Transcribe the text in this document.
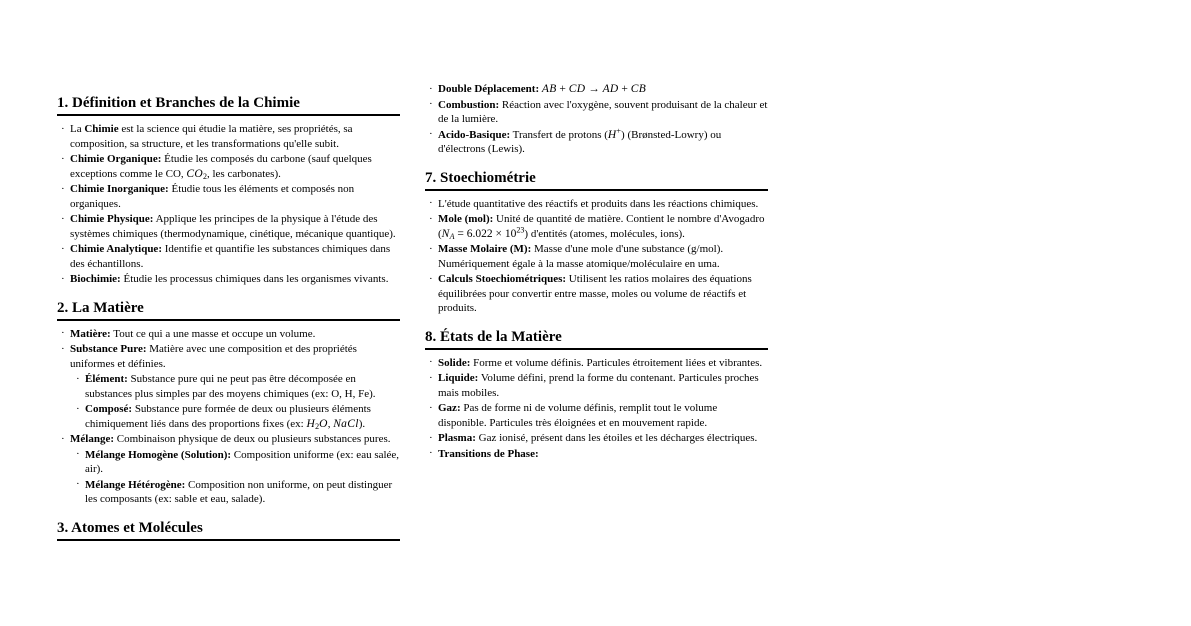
1. Définition et Branches de la Chimie
· La Chimie est la science qui étudie la matière, ses propriétés, sa composition, sa structure, et les transformations qu'elle subit.
· Chimie Organique: Étudie les composés du carbone (sauf quelques exceptions comme le CO, CO2, les carbonates).
· Chimie Inorganique: Étudie tous les éléments et composés non organiques.
· Chimie Physique: Applique les principes de la physique à l'étude des systèmes chimiques (thermodynamique, cinétique, mécanique quantique).
· Chimie Analytique: Identifie et quantifie les substances chimiques dans des échantillons.
· Biochimie: Étudie les processus chimiques dans les organismes vivants.
2. La Matière
· Matière: Tout ce qui a une masse et occupe un volume.
· Substance Pure: Matière avec une composition et des propriétés uniformes et définies.
· Élément: Substance pure qui ne peut pas être décomposée en substances plus simples par des moyens chimiques (ex: O, H, Fe).
· Composé: Substance pure formée de deux ou plusieurs éléments chimiquement liés dans des proportions fixes (ex: H2O, NaCl).
· Mélange: Combinaison physique de deux ou plusieurs substances pures.
· Mélange Homogène (Solution): Composition uniforme (ex: eau salée, air).
· Mélange Hétérogène: Composition non uniforme, on peut distinguer les composants (ex: sable et eau, salade).
3. Atomes et Molécules
· Double Déplacement: AB + CD → AD + CB
· Combustion: Réaction avec l'oxygène, souvent produisant de la chaleur et de la lumière.
· Acido-Basique: Transfert de protons (H+) (Brønsted-Lowry) ou d'électrons (Lewis).
7. Stoechiométrie
· L'étude quantitative des réactifs et produits dans les réactions chimiques.
· Mole (mol): Unité de quantité de matière. Contient le nombre d'Avogadro $(NA = 6.022 \times 10^{23})$ d'entités (atomes, molécules, ions).
· Masse Molaire (M): Masse d'une mole d'une substance (g/mol). Numériquement égale à la masse atomique/moléculaire en uma.
· Calculs Stoechiométriques: Utilisent les ratios molaires des équations équilibrées pour convertir entre masse, moles ou volume de réactifs et produits.
8. États de la Matière
· Solide: Forme et volume définis. Particules étroitement liées et vibrantes.
· Liquide: Volume défini, prend la forme du contenant. Particules proches mais mobiles.
· Gaz: Pas de forme ni de volume définis, remplit tout le volume disponible. Particules très éloignées et en mouvement rapide.
· Plasma: Gaz ionisé, présent dans les étoiles et les décharges électriques.
· Transitions de Phase:
